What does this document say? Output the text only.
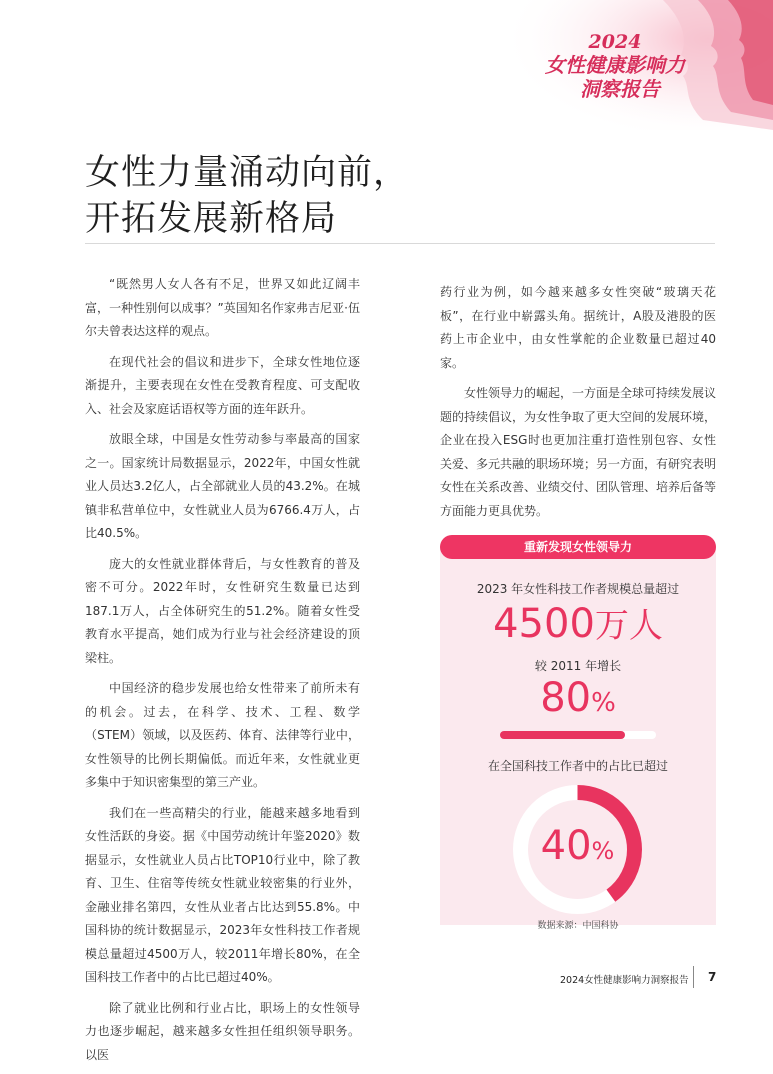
2024
女性健康影响力
洞察报告
女性力量涌动向前，
开拓发展新格局

“既然男人女人各有不足，世界又如此辽阔丰富，一种性别何以成事？”英国知名作家弗吉尼亚·伍尔夫曾表达这样的观点。

在现代社会的倡议和进步下，全球女性地位逐渐提升，主要表现在女性在受教育程度、可支配收入、社会及家庭话语权等方面的连年跃升。

放眼全球，中国是女性劳动参与率最高的国家之一。国家统计局数据显示，2022年，中国女性就业人员达3.2亿人，占全部就业人员的43.2%。在城镇非私营单位中，女性就业人员为6766.4万人，占比40.5%。

庞大的女性就业群体背后，与女性教育的普及密不可分。2022年时，女性研究生数量已达到187.1万人，占全体研究生的51.2%。随着女性受教育水平提高，她们成为行业与社会经济建设的顶梁柱。

中国经济的稳步发展也给女性带来了前所未有的机会。过去，在科学、技术、工程、数学（STEM）领域，以及医药、体育、法律等行业中，女性领导的比例长期偏低。而近年来，女性就业更多集中于知识密集型的第三产业。

我们在一些高精尖的行业，能越来越多地看到女性活跃的身姿。据《中国劳动统计年鉴2020》数据显示，女性就业人员占比TOP10行业中，除了教育、卫生、住宿等传统女性就业较密集的行业外，金融业排名第四，女性从业者占比达到55.8%。中国科协的统计数据显示，2023年女性科技工作者规模总量超过4500万人，较2011年增长80%，在全国科技工作者中的占比已超过40%。

除了就业比例和行业占比，职场上的女性领导力也逐步崛起，越来越多女性担任组织领导职务。以医

药行业为例，如今越来越多女性突破“玻璃天花板”，在行业中崭露头角。据统计，A股及港股的医药上市企业中，由女性掌舵的企业数量已超过40家。

女性领导力的崛起，一方面是全球可持续发展议题的持续倡议，为女性争取了更大空间的发展环境，企业在投入ESG时也更加注重打造性别包容、女性关爱、多元共融的职场环境；另一方面，有研究表明女性在关系改善、业绩交付、团队管理、培养后备等方面能力更具优势。

重新发现女性领导力
2023 年女性科技工作者规模总量超过
4500万人
较 2011 年增长
80%
在全国科技工作者中的占比已超过
40%
数据来源：中国科协
2024女性健康影响力洞察报告 7
